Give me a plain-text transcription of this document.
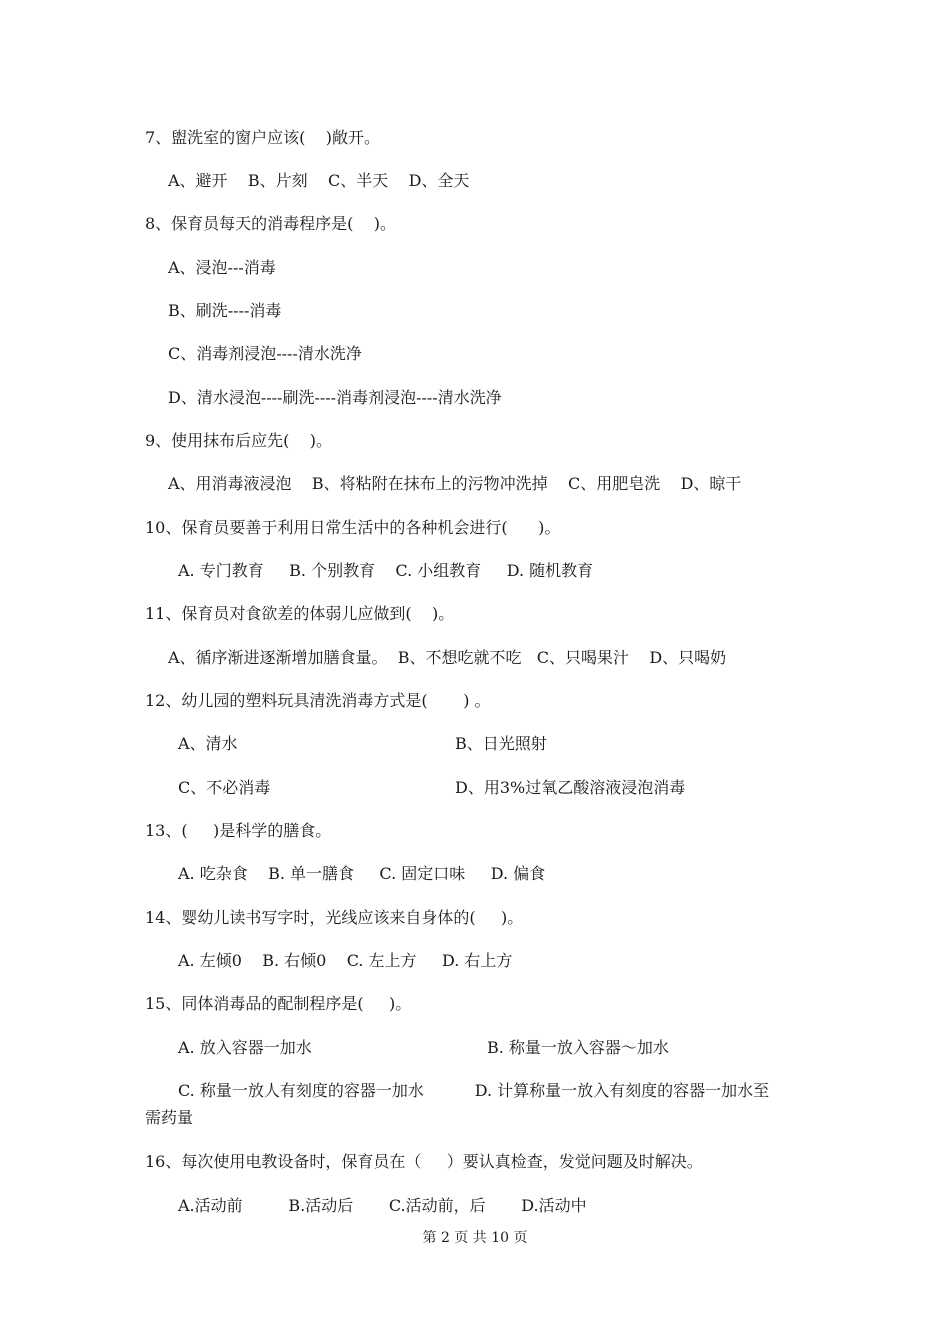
7、盥洗室的窗户应该(    )敞开。
A、避开    B、片刻    C、半天    D、全天
8、保育员每天的消毒程序是(    )。
A、浸泡---消毒
B、刷洗----消毒
C、消毒剂浸泡----清水洗净
D、清水浸泡----刷洗----消毒剂浸泡----清水洗净
9、使用抹布后应先(    )。
A、用消毒液浸泡    B、将粘附在抹布上的污物冲洗掉    C、用肥皂洗    D、晾干
10、保育员要善于利用日常生活中的各种机会进行(      )。
A. 专门教育     B. 个别教育    C. 小组教育     D. 随机教育
11、保育员对食欲差的体弱儿应做到(    )。
A、循序渐进逐渐增加膳食量。  B、不想吃就不吃   C、只喝果汁    D、只喝奶
12、幼儿园的塑料玩具清洗消毒方式是(       ) 。
A、清水	B、日光照射
C、不必消毒	D、用3%过氧乙酸溶液浸泡消毒
13、(     )是科学的膳食。
A. 吃杂食    B. 单一膳食     C. 固定口味     D. 偏食
14、婴幼儿读书写字时，光线应该来自身体的(     )。
A. 左倾0    B. 右倾0    C. 左上方     D. 右上方
15、同体消毒品的配制程序是(     )。
A. 放入容器一加水	B. 称量一放入容器～加水
C. 称量一放人有刻度的容器一加水          D. 计算称量一放入有刻度的容器一加水至
需药量
16、每次使用电教设备时，保育员在（     ）要认真检查，发觉问题及时解决。
A.活动前         B.活动后       C.活动前，后       D.活动中
第 2 页 共 10 页
